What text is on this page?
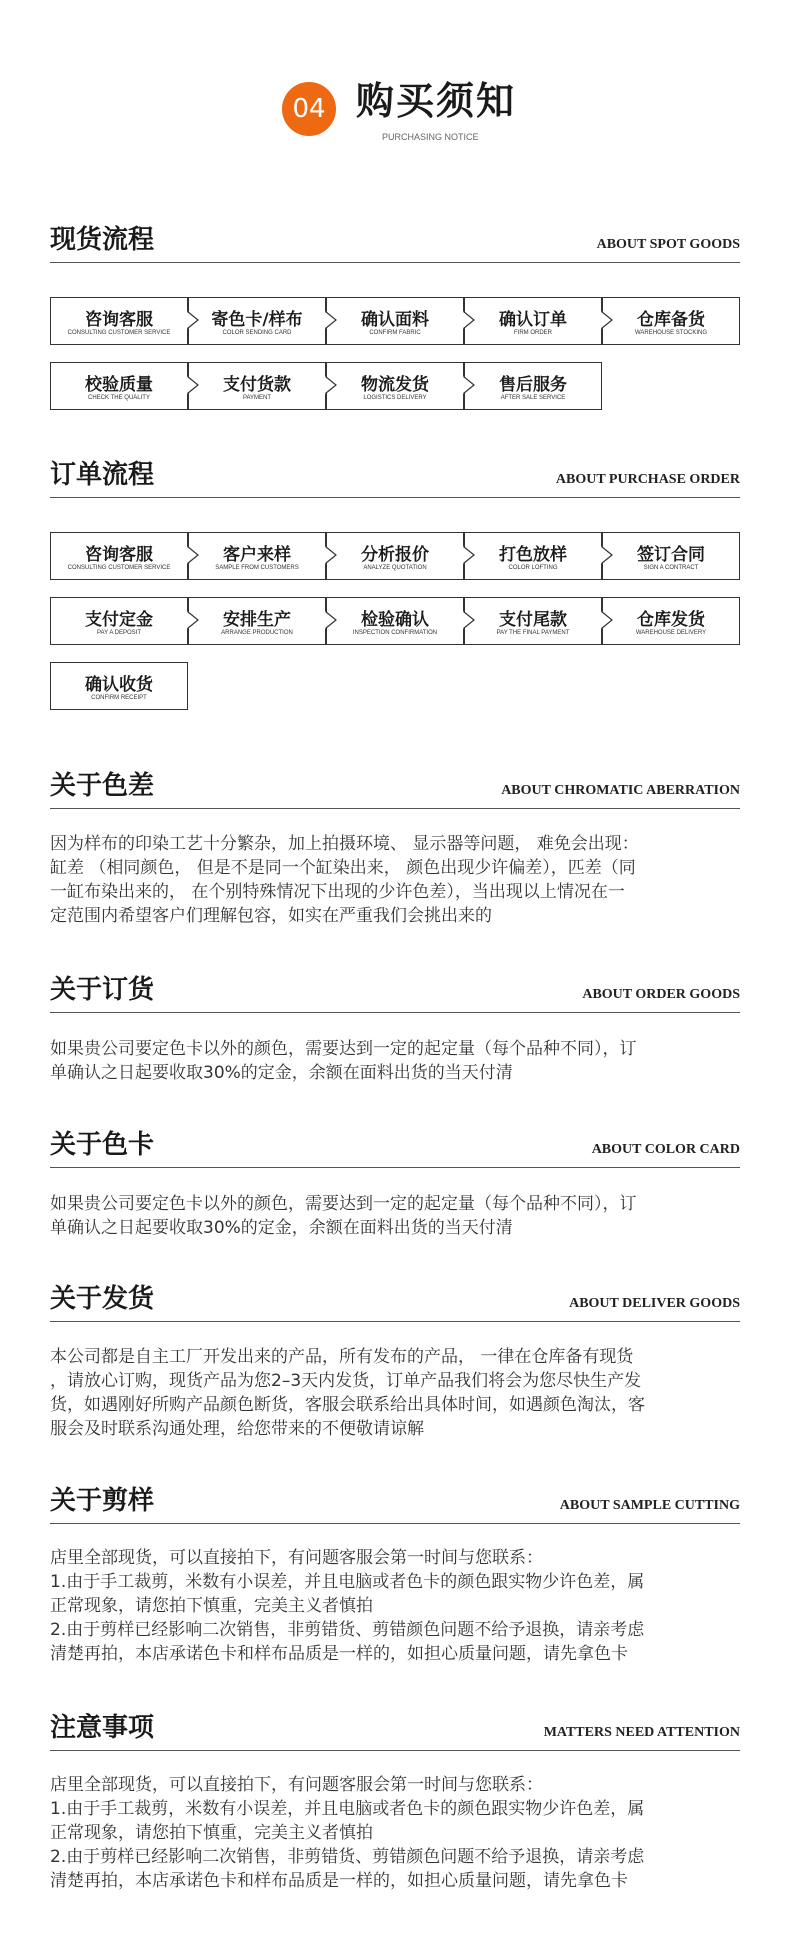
04 购买须知
PURCHASING NOTICE
现货流程	ABOUT SPOT GOODS
咨询客服
CONSULTING CUSTOMER SERVICE
寄色卡/样布
COLOR SENDING CARD
确认面料
CONFIRM FABRIC
确认订单
FIRM ORDER
仓库备货
WAREHOUSE STOCKING
校验质量
CHECK THE QUALITY
支付货款
PAYMENT
物流发货
LOGISTICS DELIVERY
售后服务
AFTER SALE SERVICE
订单流程	ABOUT PURCHASE ORDER
咨询客服
CONSULTING CUSTOMER SERVICE
客户来样
SAMPLE FROM CUSTOMERS
分析报价
ANALYZE QUOTATION
打色放样
COLOR LOFTING
签订合同
SIGN A CONTRACT
支付定金
PAY A DEPOSIT
安排生产
ARRANGE PRODUCTION
检验确认
INSPECTION CONFIRMATION
支付尾款
PAY THE FINAL PAYMENT
仓库发货
WAREHOUSE DELIVERY
确认收货
CONFIRM RECEIPT
关于色差	ABOUT CHROMATIC ABERRATION
因为样布的印染工艺十分繁杂，加上拍摄环境、 显示器等问题， 难免会出现：
缸差 （相同颜色， 但是不是同一个缸染出来， 颜色出现少许偏差），匹差（同
一缸布染出来的， 在个别特殊情况下出现的少许色差），当出现以上情况在一
定范围内希望客户们理解包容，如实在严重我们会挑出来的
关于订货	ABOUT ORDER GOODS
如果贵公司要定色卡以外的颜色，需要达到一定的起定量（每个品种不同），订
单确认之日起要收取30%的定金，余额在面料出货的当天付清
关于色卡	ABOUT COLOR CARD
如果贵公司要定色卡以外的颜色，需要达到一定的起定量（每个品种不同），订
单确认之日起要收取30%的定金，余额在面料出货的当天付清
关于发货	ABOUT DELIVER GOODS
本公司都是自主工厂开发出来的产品，所有发布的产品， 一律在仓库备有现货
，请放心订购，现货产品为您2–3天内发货，订单产品我们将会为您尽快生产发
货，如遇刚好所购产品颜色断货，客服会联系给出具体时间，如遇颜色淘汰，客
服会及时联系沟通处理，给您带来的不便敬请谅解
关于剪样	ABOUT SAMPLE CUTTING
店里全部现货，可以直接拍下，有问题客服会第一时间与您联系：
1.由于手工裁剪，米数有小误差，并且电脑或者色卡的颜色跟实物少许色差，属
正常现象，请您拍下慎重，完美主义者慎拍
2.由于剪样已经影响二次销售，非剪错货、剪错颜色问题不给予退换，请亲考虑
清楚再拍，本店承诺色卡和样布品质是一样的，如担心质量问题，请先拿色卡
注意事项	MATTERS NEED ATTENTION
店里全部现货，可以直接拍下，有问题客服会第一时间与您联系：
1.由于手工裁剪，米数有小误差，并且电脑或者色卡的颜色跟实物少许色差，属
正常现象，请您拍下慎重，完美主义者慎拍
2.由于剪样已经影响二次销售，非剪错货、剪错颜色问题不给予退换，请亲考虑
清楚再拍，本店承诺色卡和样布品质是一样的，如担心质量问题，请先拿色卡
